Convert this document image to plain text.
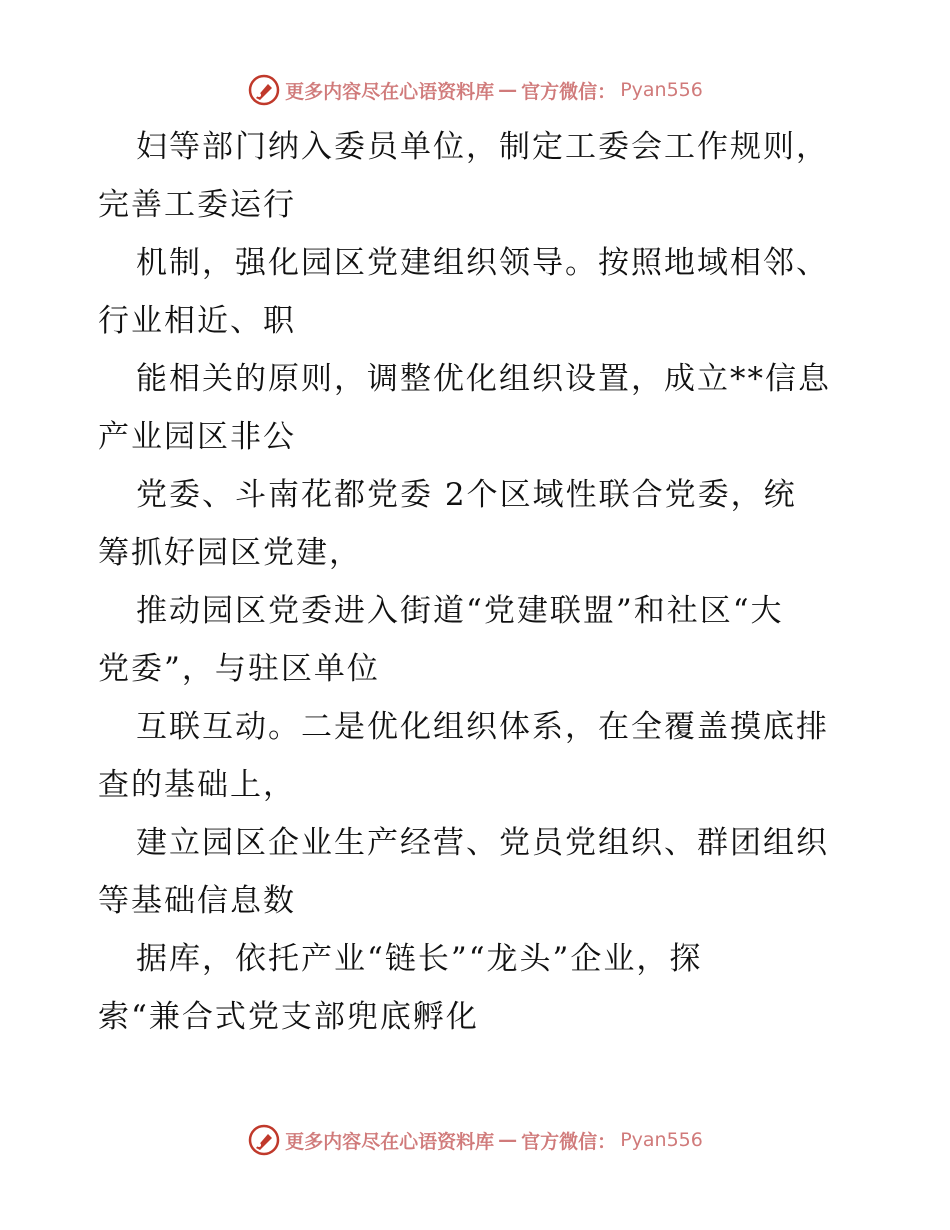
更多内容尽在心语资料库 — 官方微信： Pyan556
妇等部门纳入委员单位，制定工委会工作规则，
完善工委运行
机制，强化园区党建组织领导。按照地域相邻、
行业相近、职
能相关的原则，调整优化组织设置，成立**信息
产业园区非公
党委、斗南花都党委 2个区域性联合党委，统
筹抓好园区党建，
推动园区党委进入街道“党建联盟”和社区“大
党委”，与驻区单位
互联互动。二是优化组织体系，在全覆盖摸底排
查的基础上，
建立园区企业生产经营、党员党组织、群团组织
等基础信息数
据库，依托产业“链长”“龙头”企业，探
索“兼合式党支部兜底孵化
更多内容尽在心语资料库 — 官方微信： Pyan556
